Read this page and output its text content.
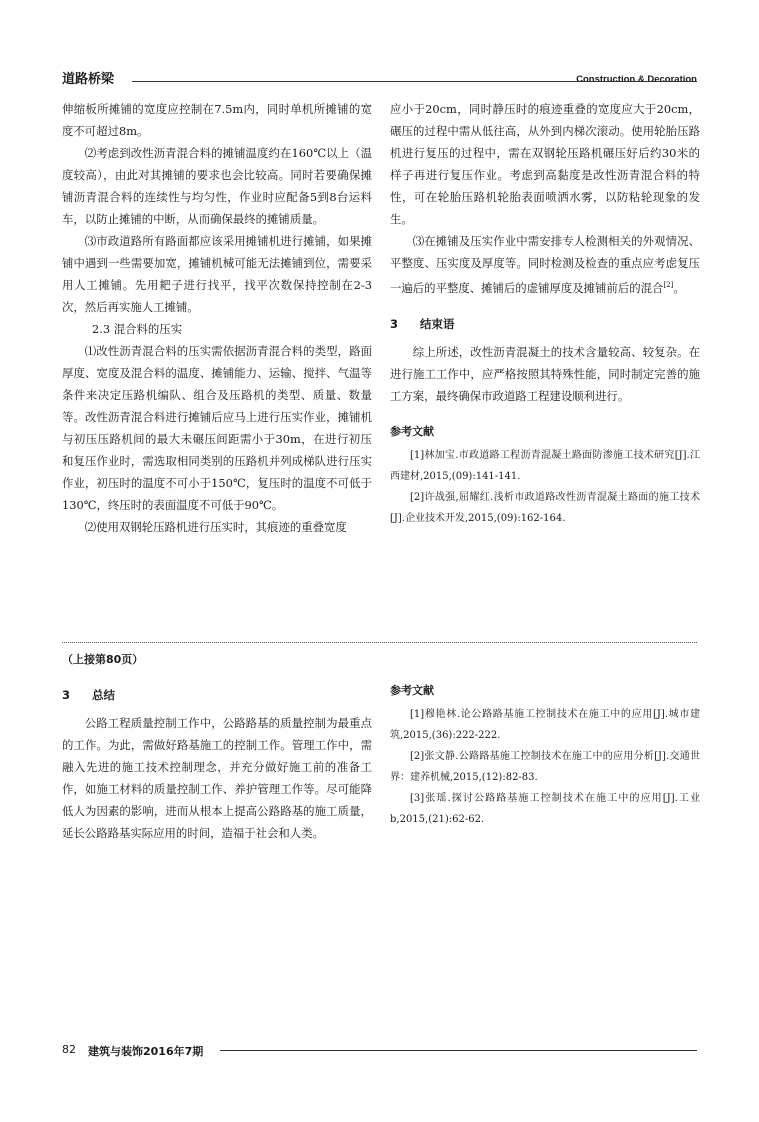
道路桥梁	Construction & Decoration

伸缩板所摊铺的宽度应控制在7.5m内，同时单机所摊铺的宽度不可超过8m。

⑵考虑到改性沥青混合料的摊铺温度约在160℃以上（温度较高），由此对其摊铺的要求也会比较高。同时若要确保摊铺沥青混合料的连续性与均匀性，作业时应配备5到8台运料车，以防止摊铺的中断，从而确保最终的摊铺质量。

⑶市政道路所有路面都应该采用摊铺机进行摊铺，如果摊铺中遇到一些需要加宽，摊铺机械可能无法摊铺到位，需要采用人工摊铺。先用耙子进行找平，找平次数保持控制在2-3次，然后再实施人工摊铺。

2.3 混合料的压实

⑴改性沥青混合料的压实需依据沥青混合料的类型，路面厚度、宽度及混合料的温度、摊铺能力、运输、搅拌、气温等条件来决定压路机编队、组合及压路机的类型、质量、数量等。改性沥青混合料进行摊铺后应马上进行压实作业，摊铺机与初压压路机间的最大未碾压间距需小于30m，在进行初压和复压作业时，需选取相同类别的压路机并列成梯队进行压实作业，初压时的温度不可小于150℃，复压时的温度不可低于130℃，终压时的表面温度不可低于90℃。

⑵使用双钢轮压路机进行压实时，其痕迹的重叠宽度

应小于20cm，同时静压时的痕迹重叠的宽度应大于20cm，碾压的过程中需从低往高，从外到内梯次滚动。使用轮胎压路机进行复压的过程中，需在双钢轮压路机碾压好后约30米的样子再进行复压作业。考虑到高黏度是改性沥青混合料的特性，可在轮胎压路机轮胎表面喷洒水雾，以防粘轮现象的发生。

⑶在摊铺及压实作业中需安排专人检测相关的外观情况、平整度、压实度及厚度等。同时检测及检查的重点应考虑复压一遍后的平整度、摊铺后的虚铺厚度及摊铺前后的混合[2]。

3 结束语

综上所述，改性沥青混凝土的技术含量较高、较复杂。在进行施工工作中，应严格按照其特殊性能，同时制定完善的施工方案，最终确保市政道路工程建设顺利进行。

参考文献

[1]林加宝.市政道路工程沥青混凝土路面防渗施工技术研究[J].江西建材,2015,(09):141-141.

[2]许战强,屈耀红.浅析市政道路改性沥青混凝土路面的施工技术[J].企业技术开发,2015,(09):162-164.

（上接第80页）
3 总结

公路工程质量控制工作中，公路路基的质量控制为最重点的工作。为此，需做好路基施工的控制工作。管理工作中，需融入先进的施工技术控制理念，并充分做好施工前的准备工作，如施工材料的质量控制工作、养护管理工作等。尽可能降低人为因素的影响，进而从根本上提高公路路基的施工质量，延长公路路基实际应用的时间，造福于社会和人类。

参考文献

[1]穆艳林.论公路路基施工控制技术在施工中的应用[J].城市建筑,2015,(36):222-222.

[2]张文静.公路路基施工控制技术在施工中的应用分析[J].交通世界：建养机械,2015,(12):82-83.

[3]张瑶.探讨公路路基施工控制技术在施工中的应用[J].工业b,2015,(21):62-62.

82 建筑与装饰2016年7期
